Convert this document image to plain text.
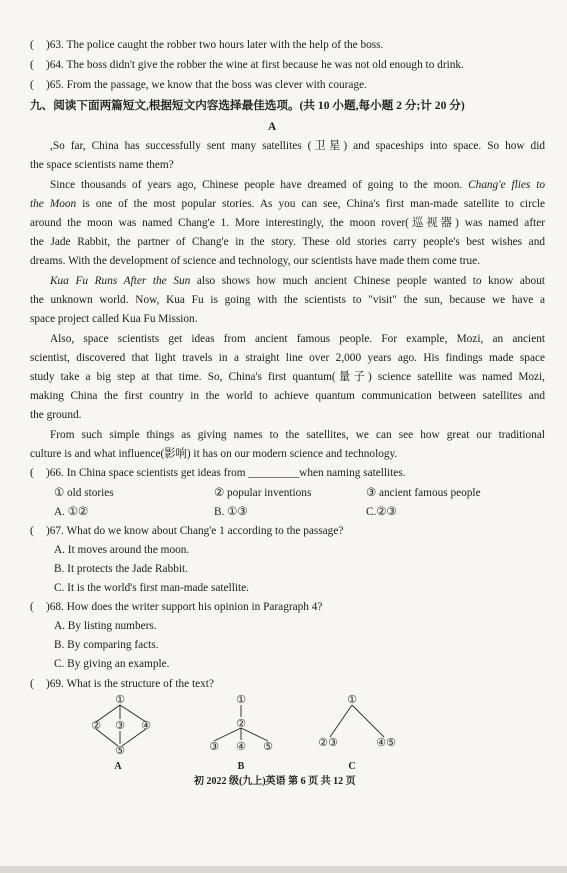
( )63. The police caught the robber two hours later with the help of the boss.
( )64. The boss didn't give the robber the wine at first because he was not old enough to drink.
( )65. From the passage, we know that the boss was clever with courage.
九、阅读下面两篇短文,根据短文内容选择最佳选项。(共 10 小题,每小题 2 分;计 20 分)
A
,So far, China has successfully sent many satellites (卫星) and spaceships into space. So how did
the space scientists name them?
Since thousands of years ago, Chinese people have dreamed of going to the moon. Chang'e flies to
the Moon is one of the most popular stories. As you can see, China's first man-made satellite to circle
around the moon was named Chang'e 1. More interestingly, the moon rover(巡视器) was named after
the Jade Rabbit, the partner of Chang'e in the story. These old stories carry people's best wishes and
dreams. With the development of science and technology, our scientists have made them come true.
Kua Fu Runs After the Sun also shows how much ancient Chinese people wanted to know about
the unknown world. Now, Kua Fu is going with the scientists to "visit" the sun, because we have a
space project called Kua Fu Mission.
Also, space scientists get ideas from ancient famous people. For example, Mozi, an ancient
scientist, discovered that light travels in a straight line over 2,000 years ago. His findings made space
study take a big step at that time. So, China's first quantum(量子) science satellite was named Mozi,
making China the first country in the world to achieve quantum communication between satellites and
the ground.
From such simple things as giving names to the satellites, we can see how great our traditional
culture is and what influence(影响) it has on our modern science and technology.
( )66. In China space scientists get ideas from _________when naming satellites.
① old stories	② popular inventions	③ ancient famous people
A. ①②	B. ①③	C.②③
( )67. What do we know about Chang'e 1 according to the passage?
A. It moves around the moon.
B. It protects the Jade Rabbit.
C. It is the world's first man-made satellite.
( )68. How does the writer support his opinion in Paragraph 4?
A. By listing numbers.
B. By comparing facts.
C. By giving an example.
( )69. What is the structure of the text?
①
② ③ ④
⑤
①
②
③ ④ ⑤
①
②③	④⑤
A	B	C
初 2022 级(九上)英语 第 6 页 共 12 页
